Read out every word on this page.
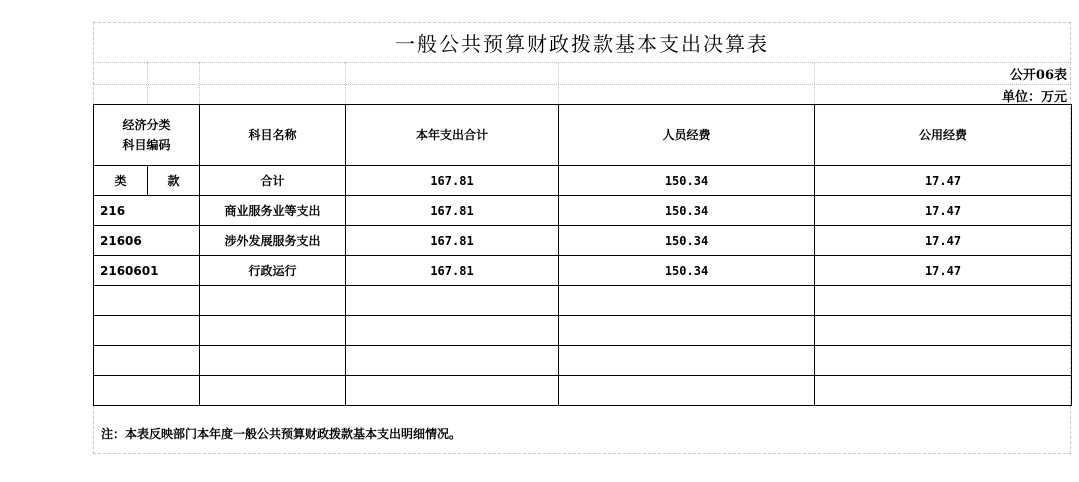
一般公共预算财政拨款基本支出决算表
公开06表
单位：万元
经济分类
科目编码		科目名称	本年支出合计	人员经费	公用经费
类	款	合计	167.81	150.34	17.47
216		商业服务业等支出	167.81	150.34	17.47
21606		涉外发展服务支出	167.81	150.34	17.47
2160601		行政运行	167.81	150.34	17.47

注：本表反映部门本年度一般公共预算财政拨款基本支出明细情况。
